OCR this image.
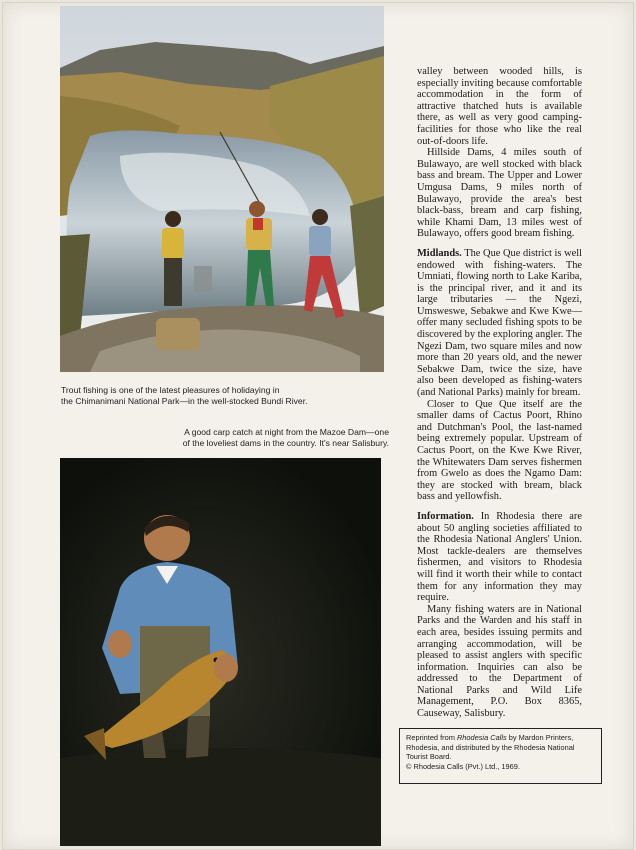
Trout fishing is one of the latest pleasures of holidaying in
the Chimanimani National Park—in the well-stocked Bundi River.
A good carp catch at night from the Mazoe Dam—one
of the loveliest dams in the country. It's near Salisbury.

valley between wooded hills, is especially inviting because comfortable accommodation in the form of attractive thatched huts is available there, as well as very good camping-facilities for those who like the real out-of-doors life.

Hillside Dams, 4 miles south of Bulawayo, are well stocked with black bass and bream. The Upper and Lower Umgusa Dams, 9 miles north of Bulawayo, provide the area's best black-bass, bream and carp fishing, while Khami Dam, 13 miles west of Bulawayo, offers good bream fishing.

Midlands. The Que Que district is well endowed with fishing-waters. The Umniati, flowing north to Lake Kariba, is the principal river, and it and its large tributaries — the Ngezi, Umsweswe, Sebakwe and Kwe Kwe—offer many secluded fishing spots to be discovered by the exploring angler. The Ngezi Dam, two square miles and now more than 20 years old, and the newer Sebakwe Dam, twice the size, have also been developed as fishing-waters (and National Parks) mainly for bream.

Closer to Que Que itself are the smaller dams of Cactus Poort, Rhino and Dutchman's Pool, the last-named being extremely popular. Upstream of Cactus Poort, on the Kwe Kwe River, the Whitewaters Dam serves fishermen from Gwelo as does the Ngamo Dam: they are stocked with bream, black bass and yellowfish.

Information. In Rhodesia there are about 50 angling societies affiliated to the Rhodesia National Anglers' Union. Most tackle-dealers are themselves fishermen, and visitors to Rhodesia will find it worth their while to contact them for any information they may require.

Many fishing waters are in National Parks and the Warden and his staff in each area, besides issuing permits and arranging accommodation, will be pleased to assist anglers with specific information. Inquiries can also be addressed to the Department of National Parks and Wild Life Management, P.O. Box 8365, Causeway, Salisbury.

Reprinted from Rhodesia Calls by Mardon Printers, Rhodesia, and distributed by the Rhodesia National Tourist Board.

© Rhodesia Calls (Pvt.) Ltd., 1969.
